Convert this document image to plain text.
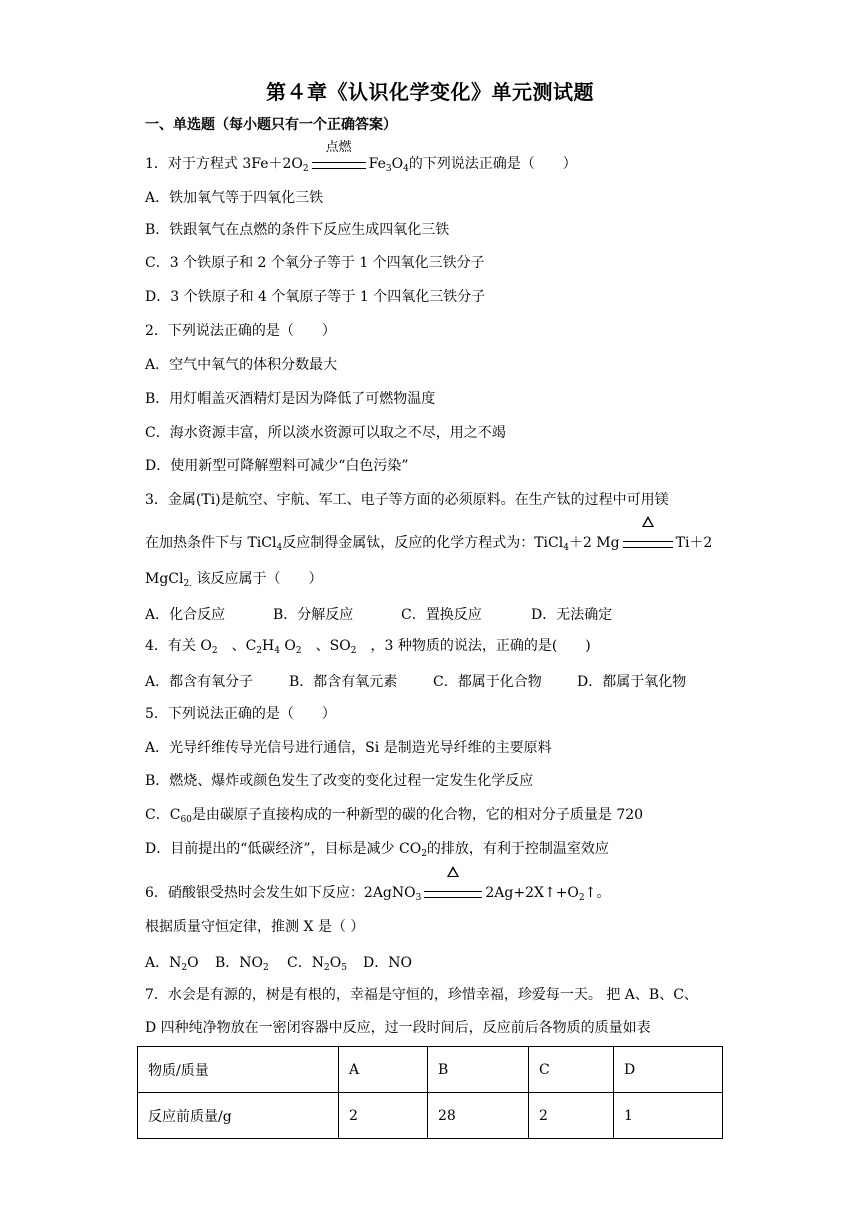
第４章《认识化学变化》单元测试题
一、单选题（每小题只有一个正确答案）
1．对于方程式 $3Fe+2O_2$
点燃
$Fe_3O_4$的下列说法正确是（　　）
A．铁加氧气等于四氧化三铁
B．铁跟氧气在点燃的条件下反应生成四氧化三铁
C．3 个铁原子和 2 个氧分子等于 1 个四氧化三铁分子
D．3 个铁原子和 4 个氧原子等于 1 个四氧化三铁分子
2．下列说法正确的是（　　）
A．空气中氧气的体积分数最大
B．用灯帽盖灭酒精灯是因为降低了可燃物温度
C．海水资源丰富，所以淡水资源可以取之不尽，用之不竭
D．使用新型可降解塑料可减少“白色污染”
3．金属(Ti)是航空、宇航、军工、电子等方面的必须原料。在生产钛的过程中可用镁
在加热条件下与 TiCl$_4$反应制得金属钛，反应的化学方程式为：TiCl$_4$＋2 Mg	Ti＋2
MgCl$_{2.}$ 该反应属于（　　）
A．化合反应	B．分解反应	C．置换反应	D．无法确定
4．有关 $O_2$　、$C_2H_4$ $O_2$　、$SO_2$　，3 种物质的说法，正确的是(　　)
A．都含有氧分子	B．都含有氧元素	C．都属于化合物	D．都属于氧化物
5．下列说法正确的是（　　）
A．光导纤维传导光信号进行通信，Si 是制造光导纤维的主要原料
B．燃烧、爆炸或颜色发生了改变的变化过程一定发生化学反应
C．$C_{60}$是由碳原子直接构成的一种新型的碳的化合物，它的相对分子质量是 720
D．目前提出的“低碳经济”，目标是减少 $CO_2$的排放，有利于控制温室效应
6．硝酸银受热时会发生如下反应：2AgNO$_3$	$2Ag+2X↑+O_2↑$。
根据质量守恒定律，推测 X 是（ ）
A．$N_2O$ B．$NO_2$ C．$N_2O_5$ D．NO
7．水会是有源的，树是有根的，幸福是守恒的，珍惜幸福，珍爱每一天。 把 A、B、C、
D 四种纯净物放在一密闭容器中反应，过一段时间后，反应前后各物质的质量如表
物质/质量	A	B	C	D
反应前质量/g	2	28	2	1
